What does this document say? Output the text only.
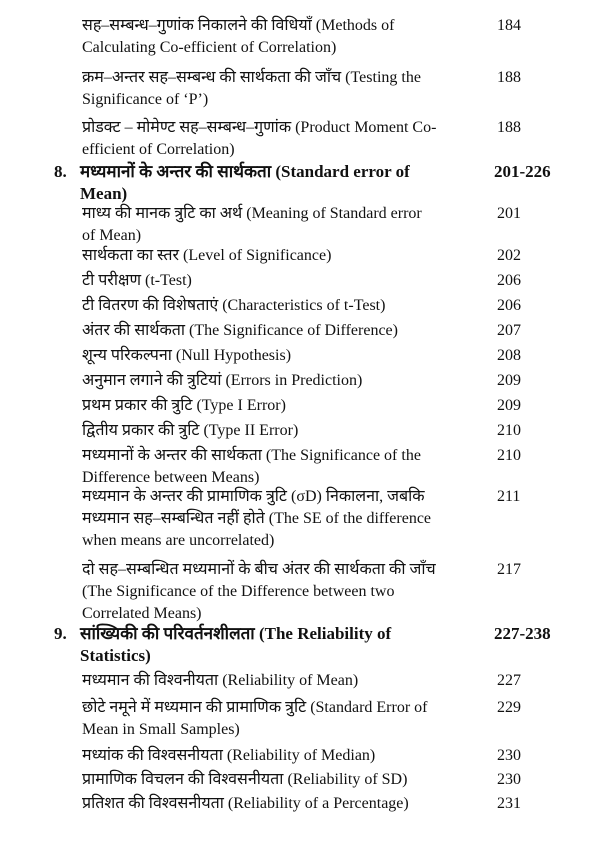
सह–सम्बन्ध–गुणांक निकालने की विधियाँ (Methods of
Calculating Co-efficient of Correlation)
184
क्रम–अन्तर सह–सम्बन्ध की सार्थकता की जाँच (Testing the
Significance of ‘P’)
188
प्रोडक्ट – मोमेण्ट सह–सम्बन्ध–गुणांक (Product Moment Co-
efficient of Correlation)
188
8. मध्यमानों के अन्तर की सार्थकता (Standard error of
Mean)
201-226
माध्य की मानक त्रुटि का अर्थ (Meaning of Standard error
of Mean)
201
सार्थकता का स्तर (Level of Significance)	202
टी परीक्षण (t-Test)	206
टी वितरण की विशेषताएं (Characteristics of t-Test)	206
अंतर की सार्थकता (The Significance of Difference)	207
शून्य परिकल्पना (Null Hypothesis)	208
अनुमान लगाने की त्रुटियां (Errors in Prediction)	209
प्रथम प्रकार की त्रुटि (Type I Error)	209
द्वितीय प्रकार की त्रुटि (Type II Error)	210
मध्यमानों के अन्तर की सार्थकता (The Significance of the
Difference between Means)
210
मध्यमान के अन्तर की प्रामाणिक त्रुटि (σD) निकालना, जबकि
मध्यमान सह–सम्बन्धित नहीं होते (The SE of the difference
when means are uncorrelated)
211
दो सह–सम्बन्धित मध्यमानों के बीच अंतर की सार्थकता की जाँच
(The Significance of the Difference between two
Correlated Means)
217
9. सांख्यिकी की परिवर्तनशीलता (The Reliability of
Statistics)
227-238
मध्यमान की विश्वनीयता (Reliability of Mean)	227
छोटे नमूने में मध्यमान की प्रामाणिक त्रुटि (Standard Error of
Mean in Small Samples)
229
मध्यांक की विश्वसनीयता (Reliability of Median)	230
प्रामाणिक विचलन की विश्वसनीयता (Reliability of SD)	230
प्रतिशत की विश्वसनीयता (Reliability of a Percentage)	231
